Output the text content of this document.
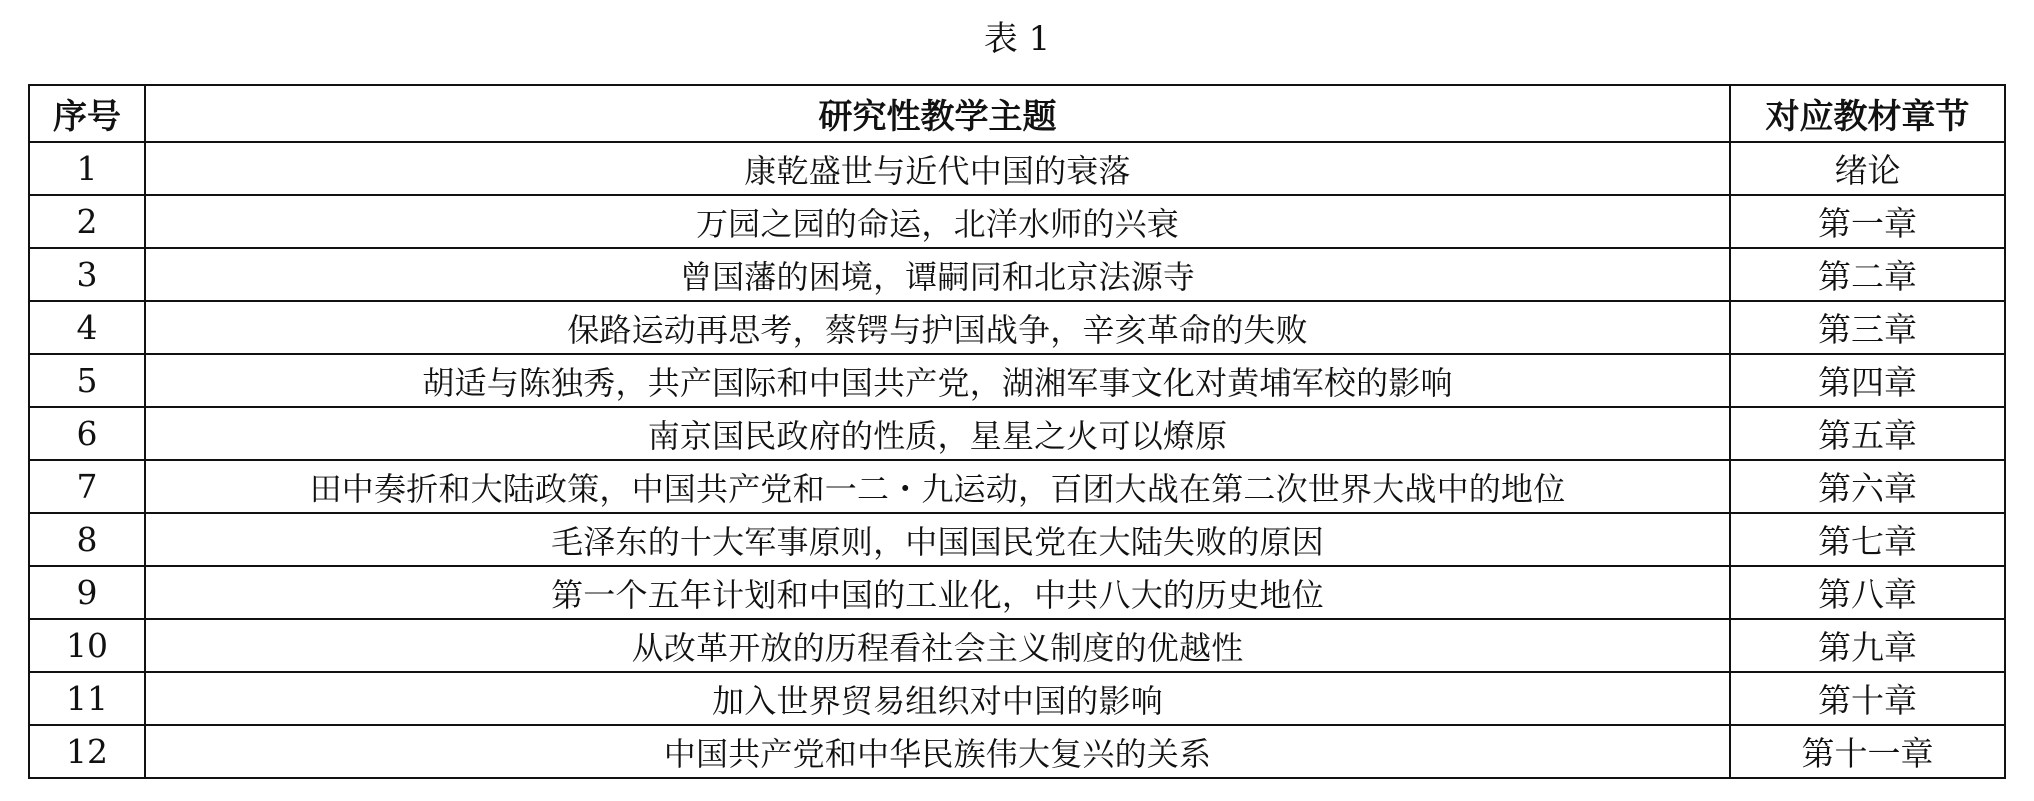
表 1
序号	研究性教学主题	对应教材章节
1	康乾盛世与近代中国的衰落	绪论
2	万园之园的命运，北洋水师的兴衰	第一章
3	曾国藩的困境，谭嗣同和北京法源寺	第二章
4	保路运动再思考，蔡锷与护国战争，辛亥革命的失败	第三章
5	胡适与陈独秀，共产国际和中国共产党，湖湘军事文化对黄埔军校的影响	第四章
6	南京国民政府的性质，星星之火可以燎原	第五章
7	田中奏折和大陆政策，中国共产党和一二・九运动，百团大战在第二次世界大战中的地位	第六章
8	毛泽东的十大军事原则，中国国民党在大陆失败的原因	第七章
9	第一个五年计划和中国的工业化，中共八大的历史地位	第八章
10	从改革开放的历程看社会主义制度的优越性	第九章
11	加入世界贸易组织对中国的影响	第十章
12	中国共产党和中华民族伟大复兴的关系	第十一章
